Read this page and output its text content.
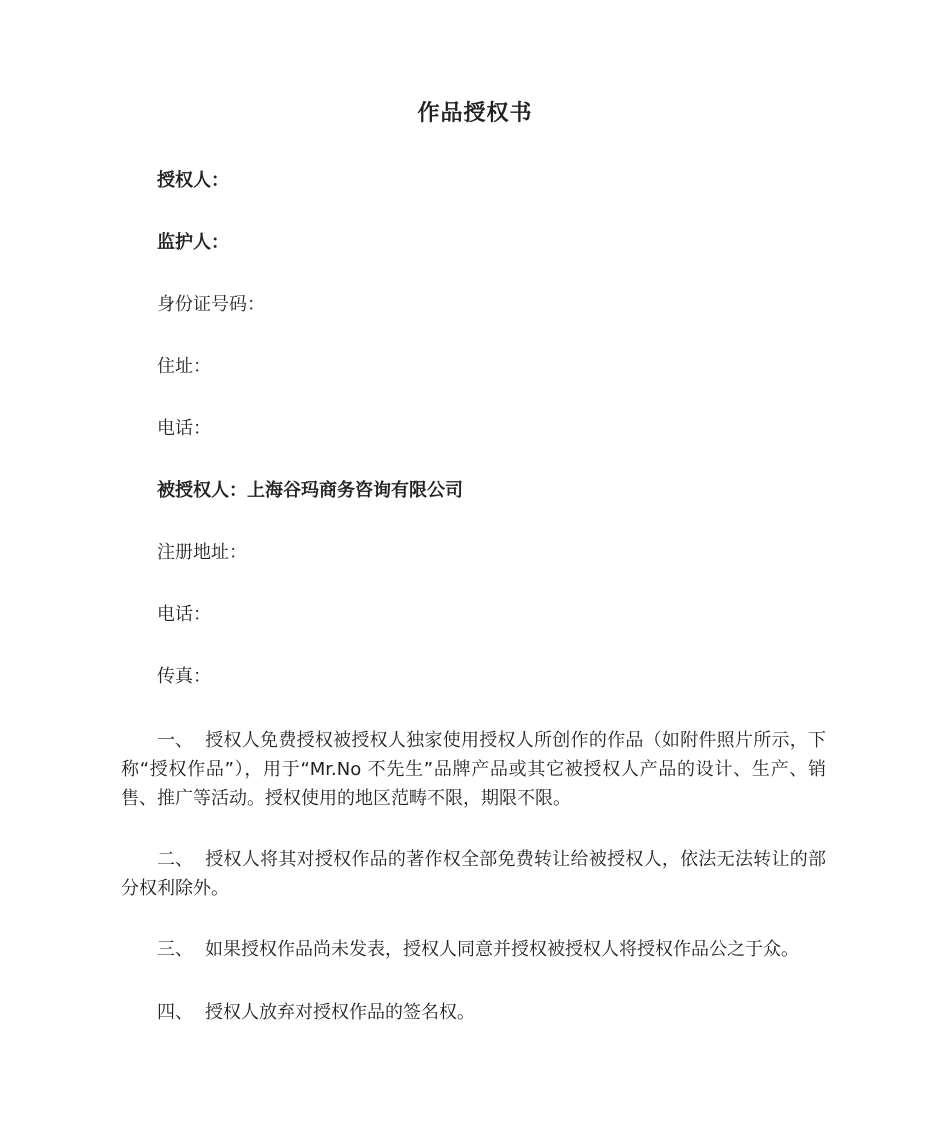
作品授权书
授权人：
监护人：
身份证号码：
住址：
电话：
被授权人：上海谷玛商务咨询有限公司
注册地址：
电话：
传真：
一、 授权人免费授权被授权人独家使用授权人所创作的作品（如附件照片所示，下称“授权作品”），用于“Mr.No 不先生”品牌产品或其它被授权人产品的设计、生产、销售、推广等活动。授权使用的地区范畴不限，期限不限。
二、 授权人将其对授权作品的著作权全部免费转让给被授权人，依法无法转让的部分权利除外。
三、 如果授权作品尚未发表，授权人同意并授权被授权人将授权作品公之于众。
四、 授权人放弃对授权作品的签名权。
